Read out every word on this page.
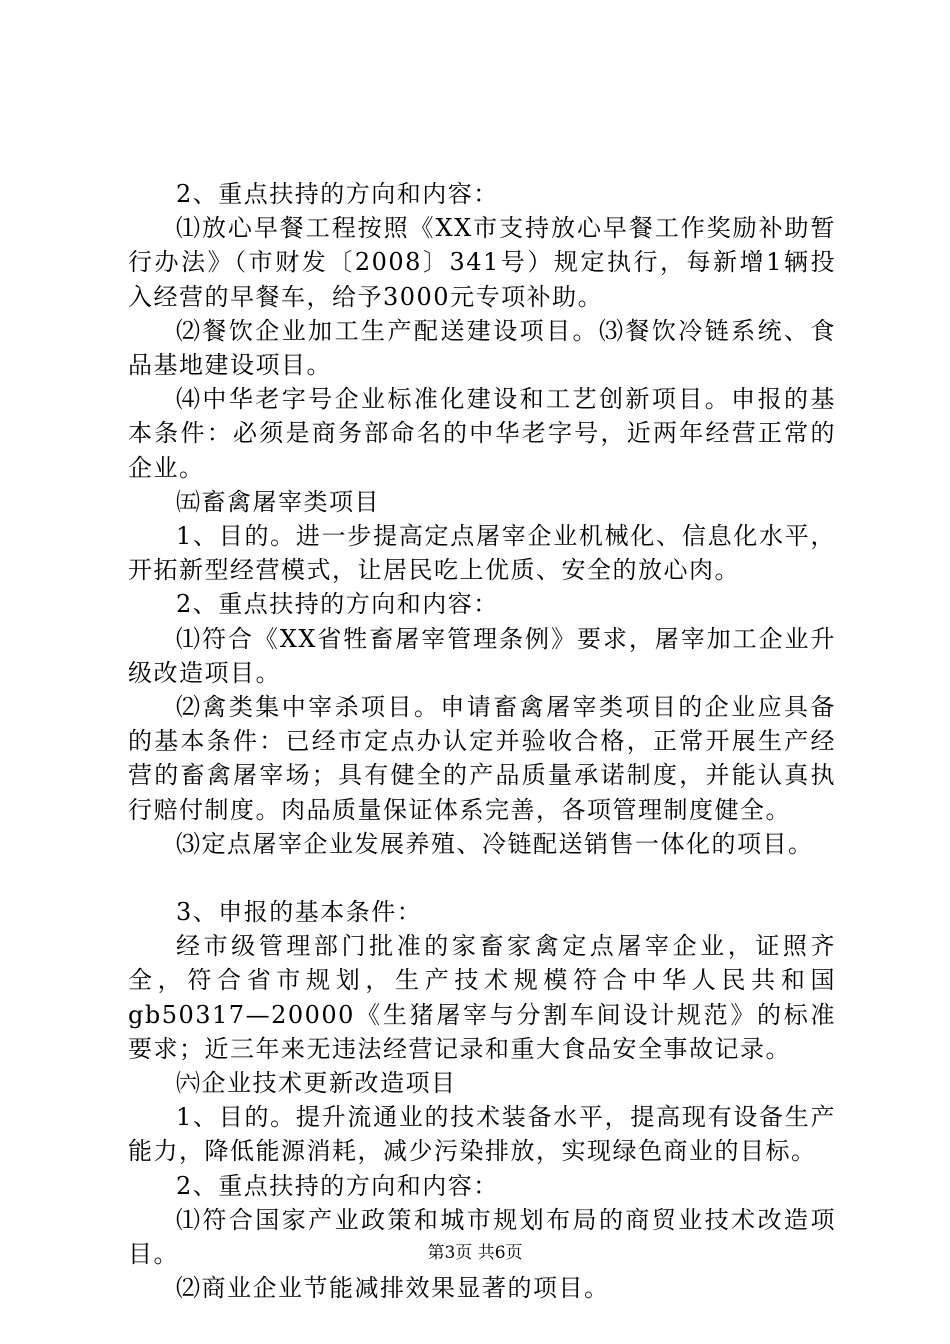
2、重点扶持的方向和内容：

⑴放心早餐工程按照《XX市支持放心早餐工作奖励补助暂行办法》（市财发〔2008〕341号）规定执行，每新增1辆投入经营的早餐车，给予3000元专项补助。

⑵餐饮企业加工生产配送建设项目。⑶餐饮冷链系统、食品基地建设项目。

⑷中华老字号企业标准化建设和工艺创新项目。申报的基本条件：必须是商务部命名的中华老字号，近两年经营正常的企业。

㈤畜禽屠宰类项目

1、目的。进一步提高定点屠宰企业机械化、信息化水平，开拓新型经营模式，让居民吃上优质、安全的放心肉。

2、重点扶持的方向和内容：

⑴符合《XX省牲畜屠宰管理条例》要求，屠宰加工企业升级改造项目。

⑵禽类集中宰杀项目。申请畜禽屠宰类项目的企业应具备的基本条件：已经市定点办认定并验收合格，正常开展生产经营的畜禽屠宰场；具有健全的产品质量承诺制度，并能认真执行赔付制度。肉品质量保证体系完善，各项管理制度健全。

⑶定点屠宰企业发展养殖、冷链配送销售一体化的项目。

3、申报的基本条件：

经市级管理部门批准的家畜家禽定点屠宰企业，证照齐全，符合省市规划，生产技术规模符合中华人民共和国gb50317—20000《生猪屠宰与分割车间设计规范》的标准要求；近三年来无违法经营记录和重大食品安全事故记录。

㈥企业技术更新改造项目

1、目的。提升流通业的技术装备水平，提高现有设备生产能力，降低能源消耗，减少污染排放，实现绿色商业的目标。

2、重点扶持的方向和内容：

⑴符合国家产业政策和城市规划布局的商贸业技术改造项目。

⑵商业企业节能减排效果显著的项目。

第3页 共6页
